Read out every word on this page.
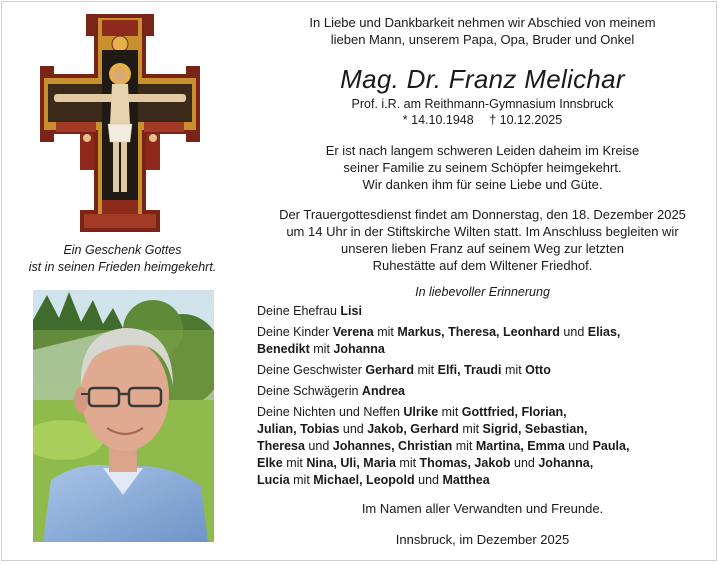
Ein Geschenk Gottes
ist in seinen Frieden heimgekehrt.
In Liebe und Dankbarkeit nehmen wir Abschied von meinem
lieben Mann, unserem Papa, Opa, Bruder und Onkel
Mag. Dr. Franz Melichar
Prof. i.R. am Reithmann-Gymnasium Innsbruck
* 14.10.1948 † 10.12.2025
Er ist nach langem schweren Leiden daheim im Kreise
seiner Familie zu seinem Schöpfer heimgekehrt.
Wir danken ihm für seine Liebe und Güte.
Der Trauergottesdienst findet am Donnerstag, den 18. Dezember 2025
um 14 Uhr in der Stiftskirche Wilten statt. Im Anschluss begleiten wir
unseren lieben Franz auf seinem Weg zur letzten
Ruhestätte auf dem Wiltener Friedhof.
In liebevoller Erinnerung
Deine Ehefrau Lisi
Deine Kinder Verena mit Markus, Theresa, Leonhard und Elias,
Benedikt mit Johanna
Deine Geschwister Gerhard mit Elfi, Traudi mit Otto
Deine Schwägerin Andrea
Deine Nichten und Neffen Ulrike mit Gottfried, Florian,
Julian, Tobias und Jakob, Gerhard mit Sigrid, Sebastian,
Theresa und Johannes, Christian mit Martina, Emma und Paula,
Elke mit Nina, Uli, Maria mit Thomas, Jakob und Johanna,
Lucia mit Michael, Leopold und Matthea
Im Namen aller Verwandten und Freunde.
Innsbruck, im Dezember 2025
